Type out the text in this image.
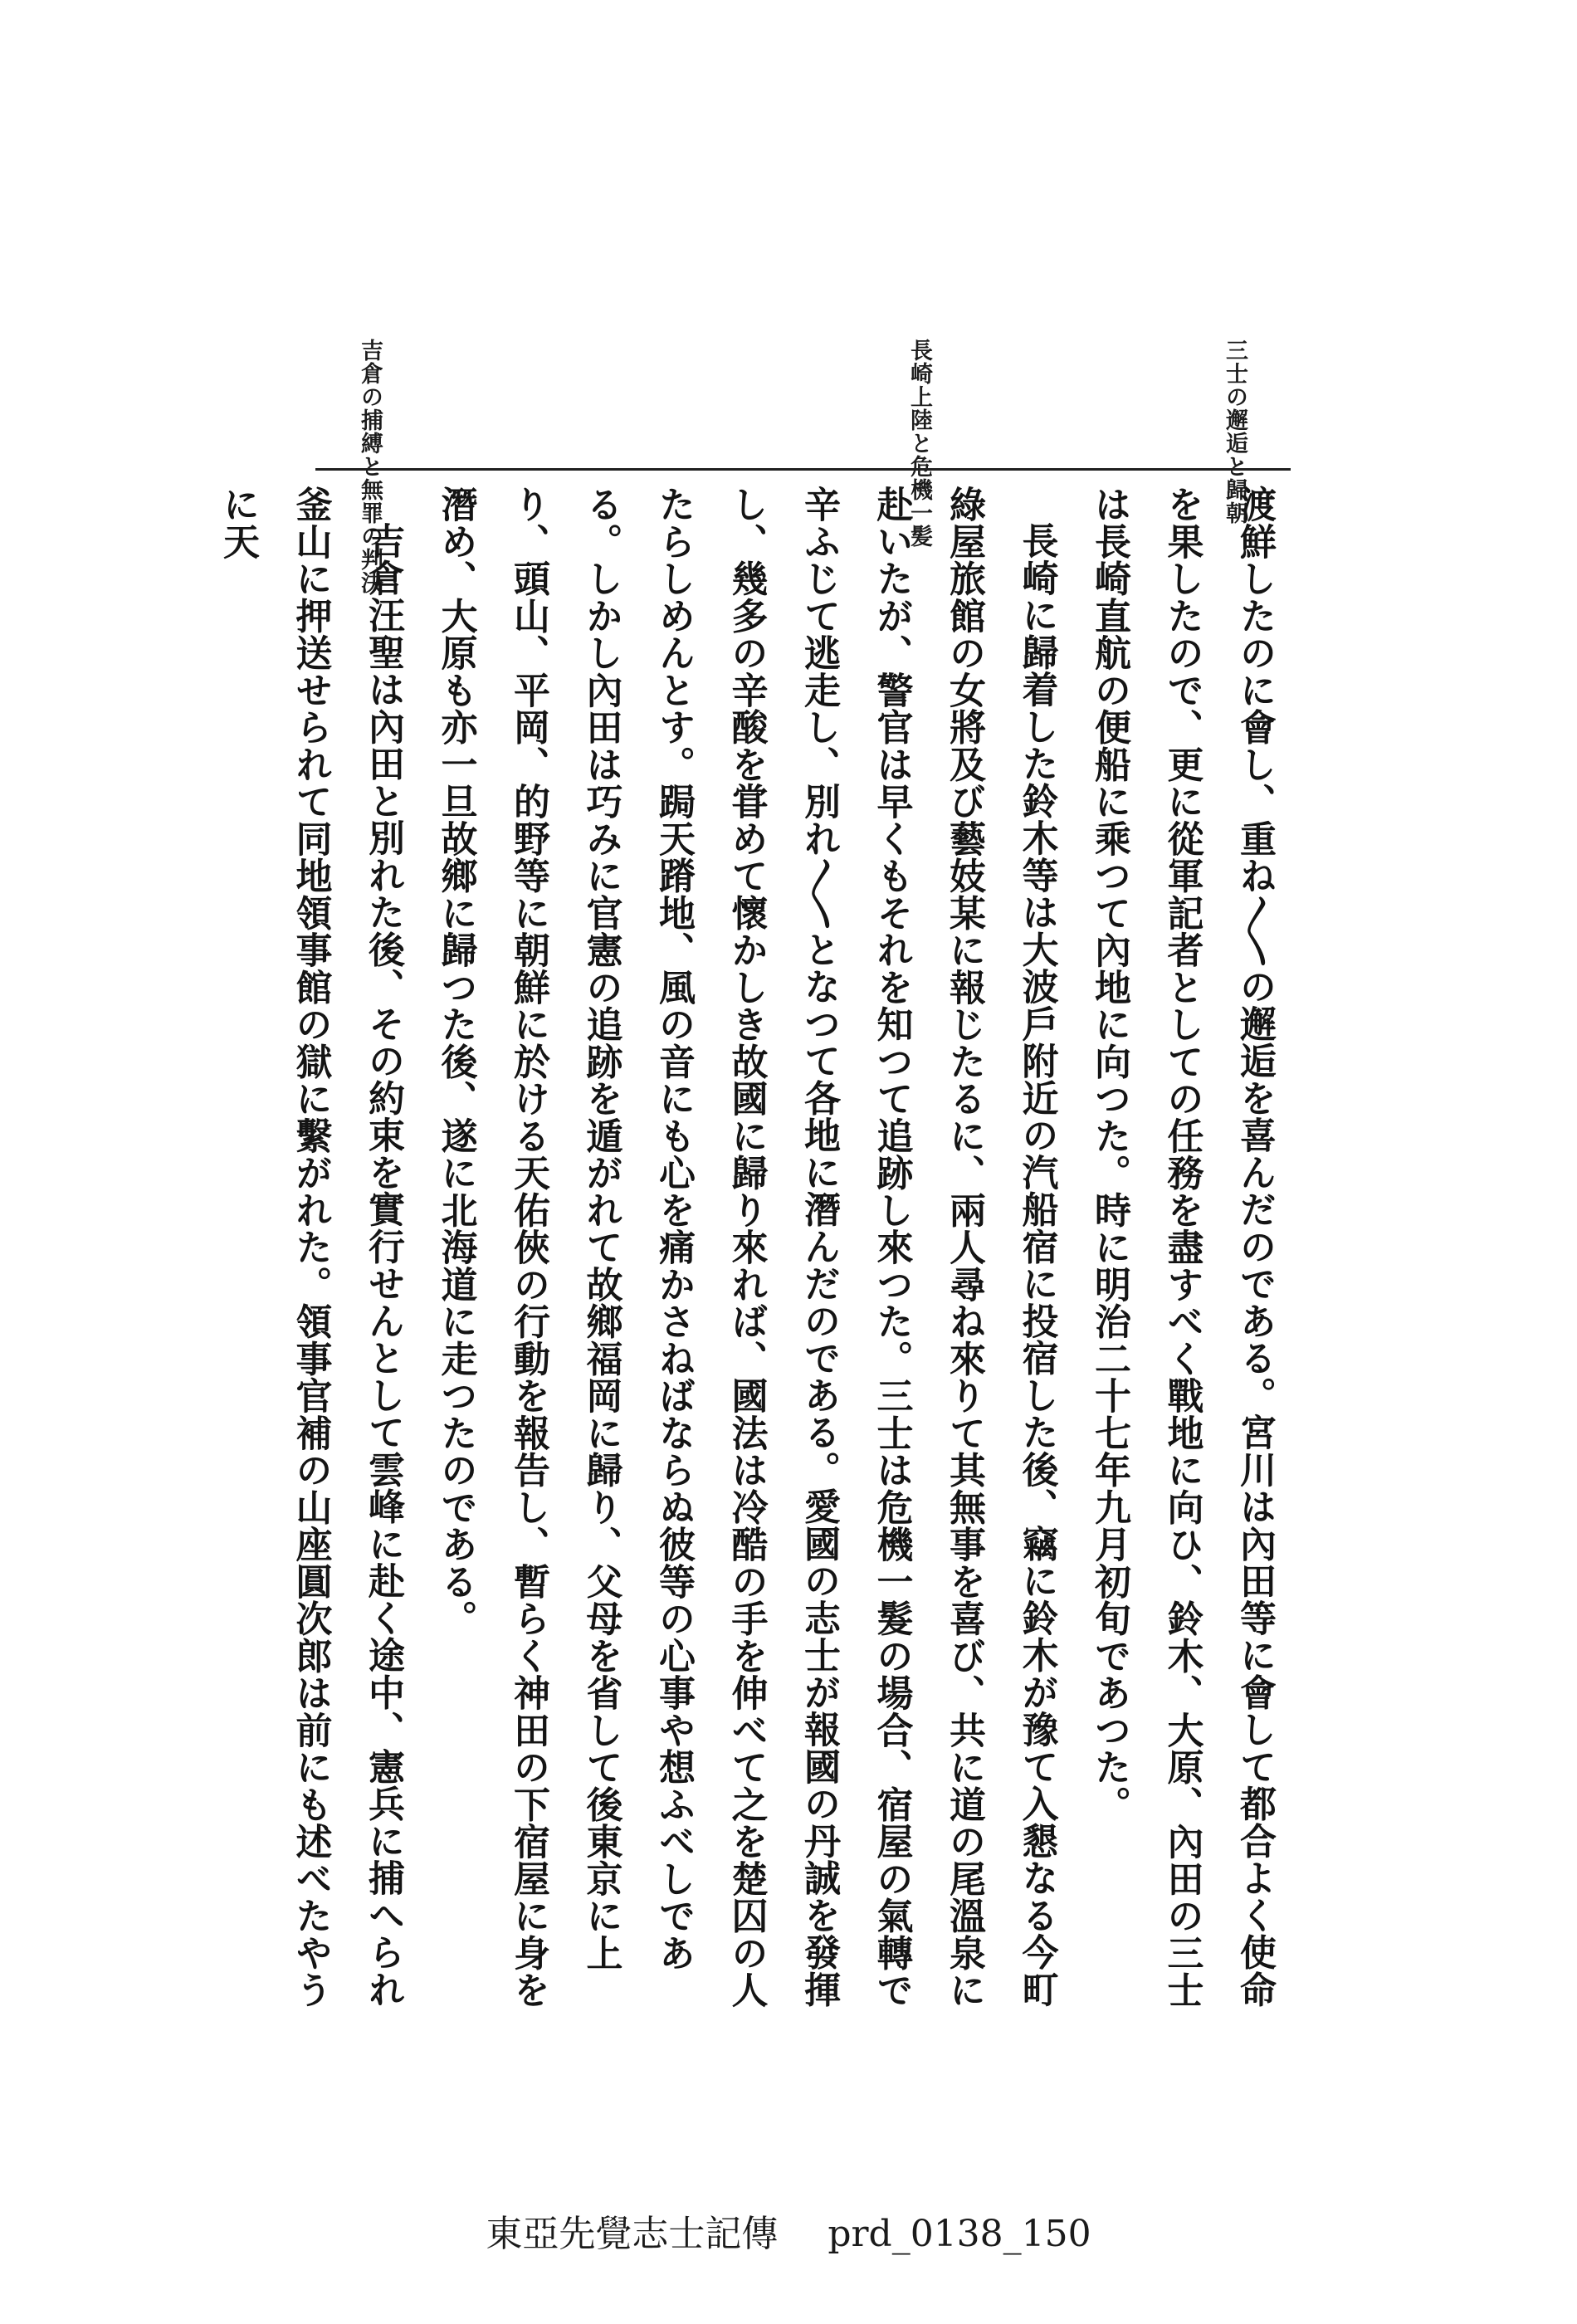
三士の邂逅と歸朝
長崎上陸と危機一髪
吉倉の捕縛と無罪の判決

渡鮮したのに會し、重ね〳〵の邂逅を喜んだのである。宮川は內田等に會して都合よく使命を果したので、更に從軍記者としての任務を盡すべく戰地に向ひ、鈴木、大原、內田の三士は長崎直航の便船に乘つて內地に向つた。時に明治二十七年九月初旬であつた。

長崎に歸着した鈴木等は大波戶附近の汽船宿に投宿した後、竊に鈴木が豫て入懇なる今町綠屋旅館の女將及び藝妓某に報じたるに、兩人尋ね來りて其無事を喜び、共に道の尾溫泉に赴いたが、警官は早くもそれを知つて追跡し來つた。三士は危機一髮の場合、宿屋の氣轉で辛ふじて逃走し、別れ〳〵となつて各地に潛んだのである。愛國の志士が報國の丹誠を發揮し、幾多の辛酸を甞めて懷かしき故國に歸り來れば、國法は冷酷の手を伸べて之を楚囚の人たらしめんとす。跼天蹐地、風の音にも心を痛かさねばならぬ彼等の心事や想ふべしである。しかし內田は巧みに官憲の追跡を遁がれて故鄉福岡に歸り、父母を省して後東京に上り、頭山、平岡、的野等に朝鮮に於ける天佑俠の行動を報告し、暫らく神田の下宿屋に身を潛め、大原も亦一旦故鄉に歸つた後、遂に北海道に走つたのである。

吉倉汪聖は內田と別れた後、その約束を實行せんとして雲峰に赴く途中、憲兵に捕へられ釜山に押送せられて同地領事館の獄に繫がれた。領事官補の山座圓次郎は前にも述べたやうに天

東亞先覺志士記傳 prd_0138_150
